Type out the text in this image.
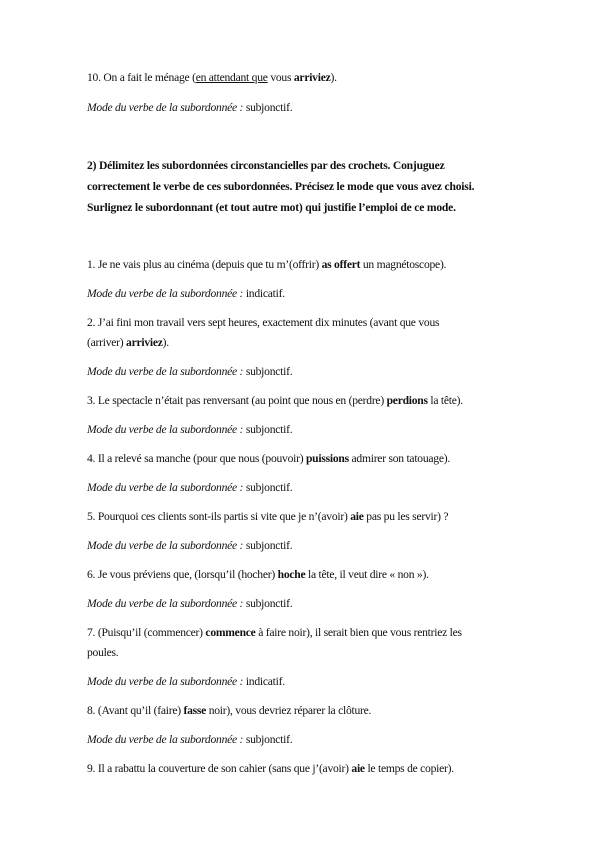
10. On a fait le ménage (en attendant que vous arriviez).
Mode du verbe de la subordonnée : subjonctif.
2) Délimitez les subordonnées circonstancielles par des crochets. Conjuguez
correctement le verbe de ces subordonnées. Précisez le mode que vous avez choisi.
Surlignez le subordonnant (et tout autre mot) qui justifie l’emploi de ce mode.
1. Je ne vais plus au cinéma (depuis que tu m’(offrir) as offert un magnétoscope).
Mode du verbe de la subordonnée : indicatif.
2. J’ai fini mon travail vers sept heures, exactement dix minutes (avant que vous
(arriver) arriviez).
Mode du verbe de la subordonnée : subjonctif.
3. Le spectacle n’était pas renversant (au point que nous en (perdre) perdions la tête).
Mode du verbe de la subordonnée : subjonctif.
4. Il a relevé sa manche (pour que nous (pouvoir) puissions admirer son tatouage).
Mode du verbe de la subordonnée : subjonctif.
5. Pourquoi ces clients sont-ils partis si vite que je n’(avoir) aie pas pu les servir) ?
Mode du verbe de la subordonnée : subjonctif.
6. Je vous préviens que, (lorsqu’il (hocher) hoche la tête, il veut dire « non »).
Mode du verbe de la subordonnée : subjonctif.
7. (Puisqu’il (commencer) commence à faire noir), il serait bien que vous rentriez les
poules.
Mode du verbe de la subordonnée : indicatif.
8. (Avant qu’il (faire) fasse noir), vous devriez réparer la clôture.
Mode du verbe de la subordonnée : subjonctif.
9. Il a rabattu la couverture de son cahier (sans que j’(avoir) aie le temps de copier).
